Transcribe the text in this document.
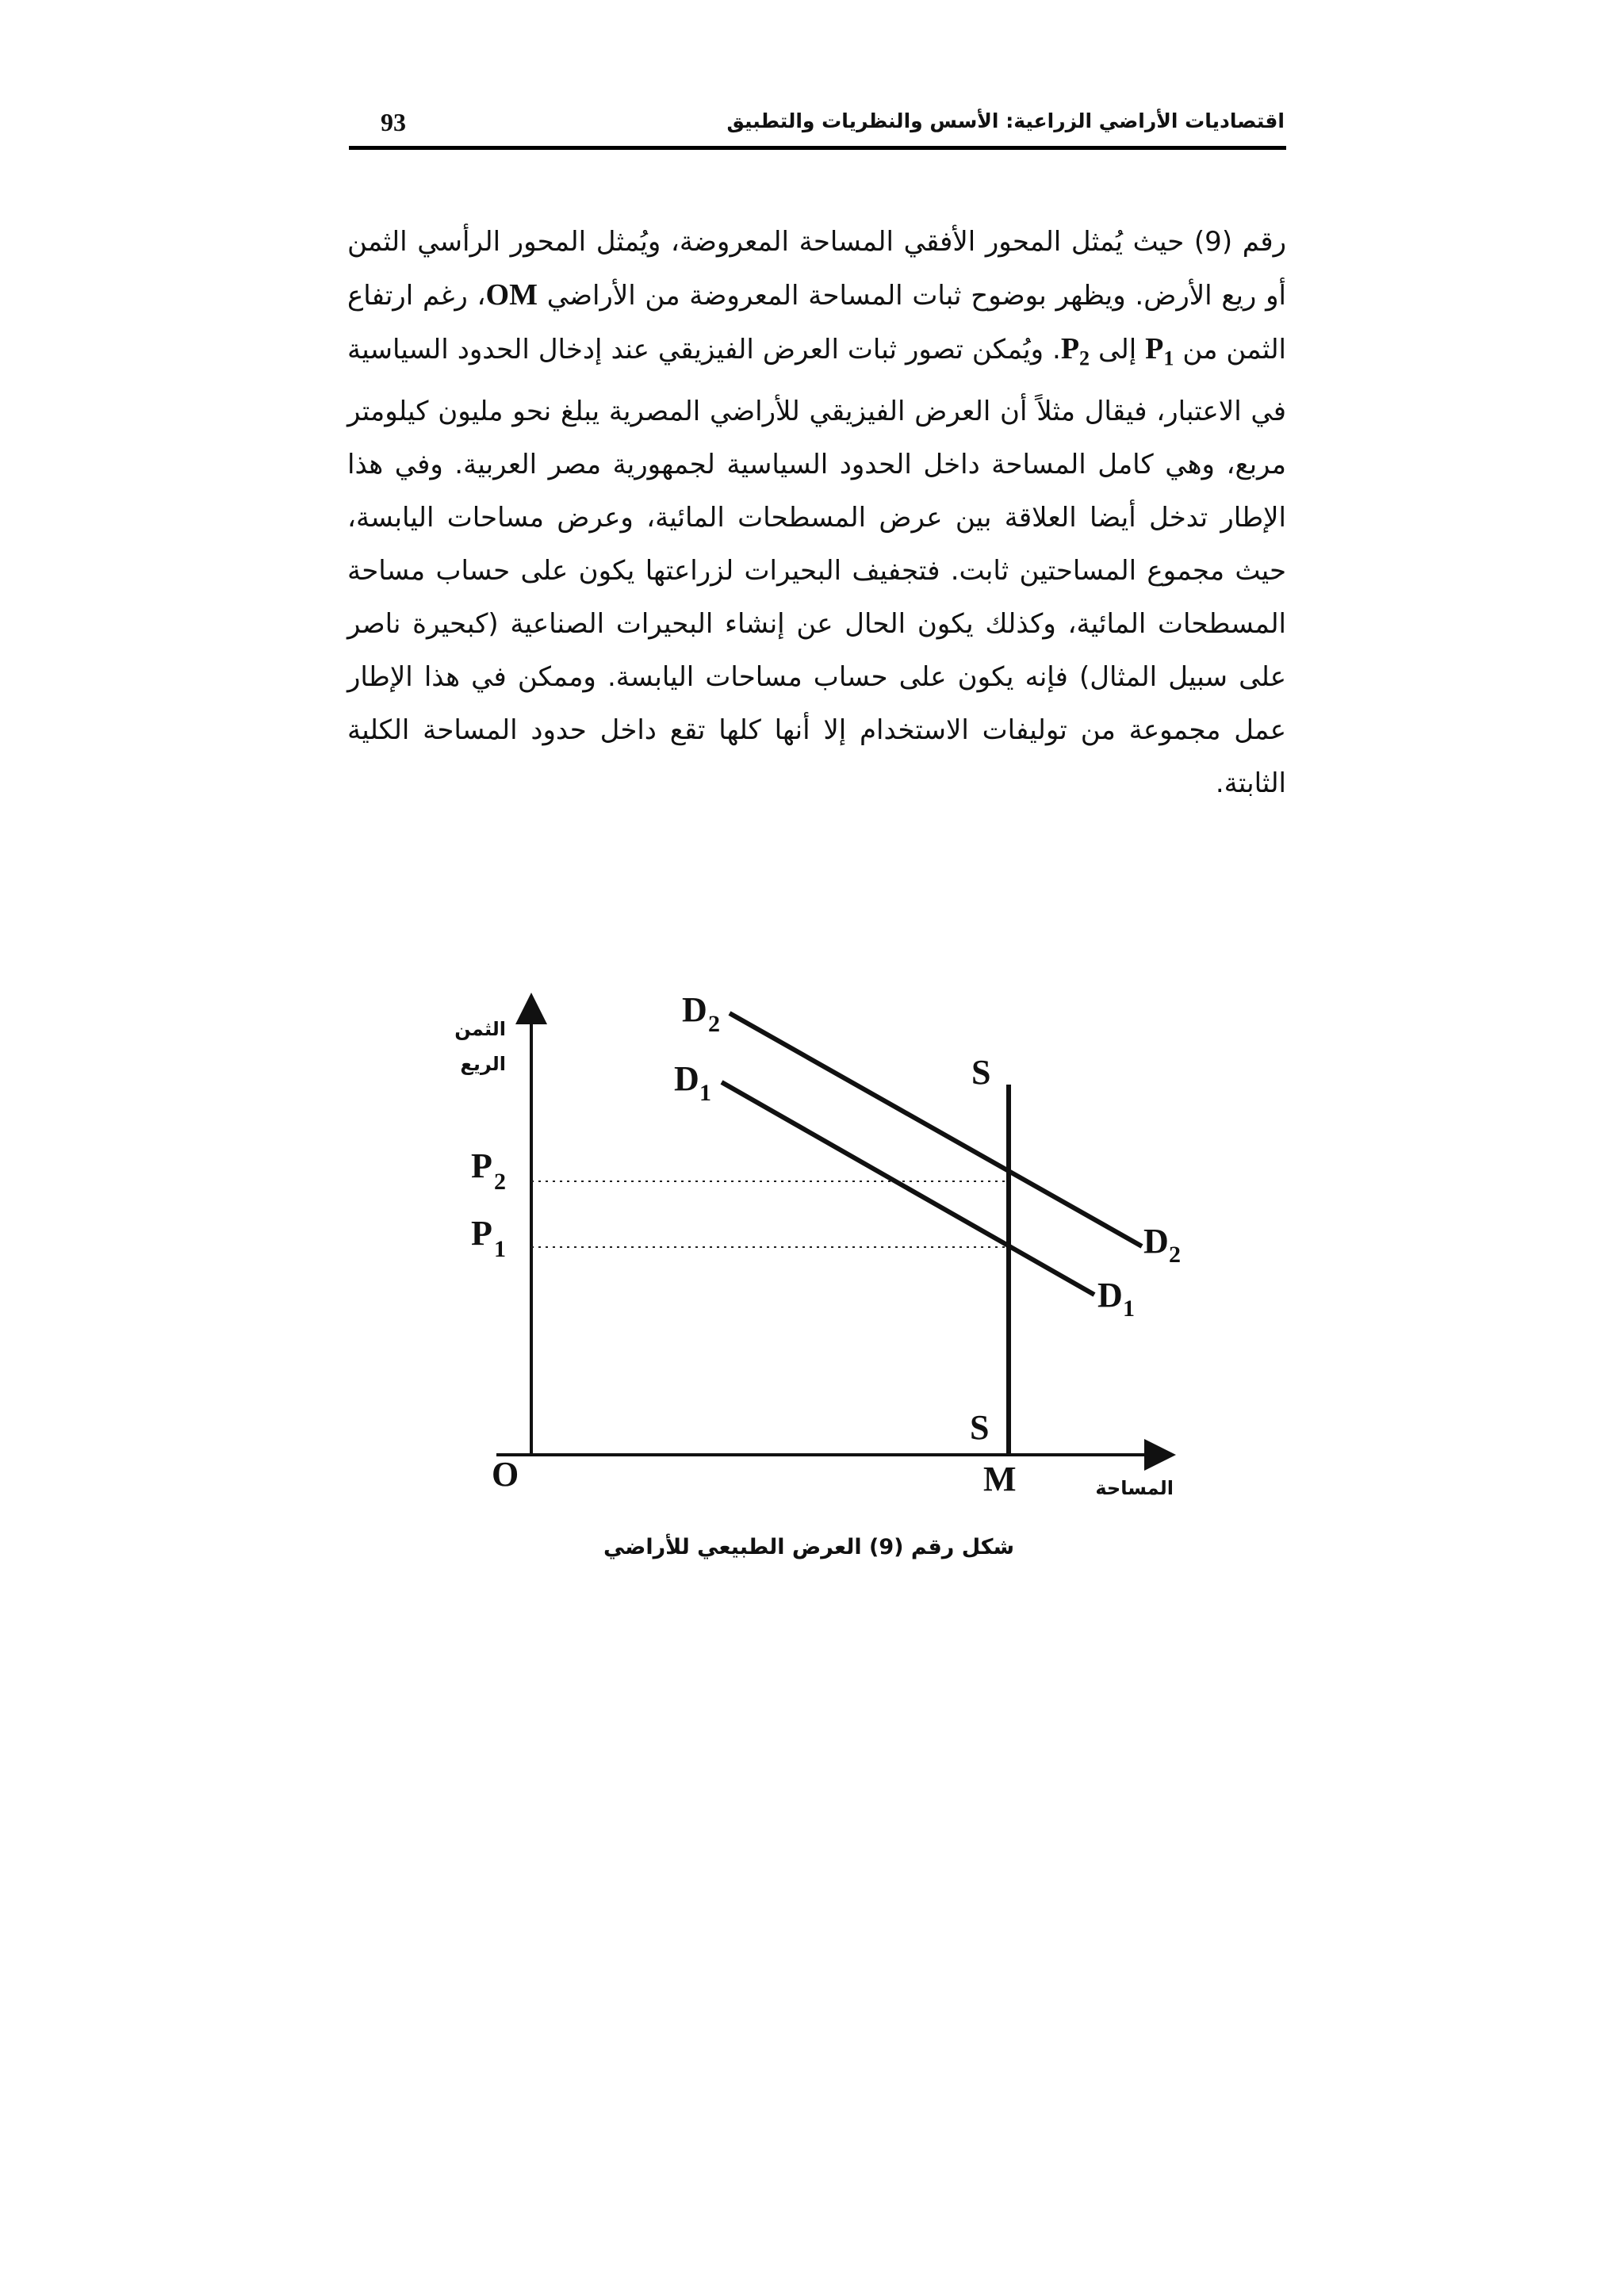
93	اقتصاديات الأراضي الزراعية: الأسس والنظريات والتطبيق

رقم (9) حيث يُمثل المحور الأفقي المساحة المعروضة، ويُمثل المحور الرأسي الثمن أو ريع الأرض. ويظهر بوضوح ثبات المساحة المعروضة من الأراضي OM، رغم ارتفاع الثمن من $P_1$ إلى $P_2$. ويُمكن تصور ثبات العرض الفيزيقي عند إدخال الحدود السياسية في الاعتبار، فيقال مثلاً أن العرض الفيزيقي للأراضي المصرية يبلغ نحو مليون كيلومتر مربع، وهي كامل المساحة داخل الحدود السياسية لجمهورية مصر العربية. وفي هذا الإطار تدخل أيضا العلاقة بين عرض المسطحات المائية، وعرض مساحات اليابسة، حيث مجموع المساحتين ثابت. فتجفيف البحيرات لزراعتها يكون على حساب مساحة المسطحات المائية، وكذلك يكون الحال عن إنشاء البحيرات الصناعية (كبحيرة ناصر على سبيل المثال) فإنه يكون على حساب مساحات اليابسة. وممكن في هذا الإطار عمل مجموعة من توليفات الاستخدام إلا أنها كلها تقع داخل حدود المساحة الكلية الثابتة.

الثمن
الريع
P 2
P 1
D 2
D 1
D 2
D 1
S
S
O	M	المساحة
شكل رقم (9) العرض الطبيعي للأراضي
